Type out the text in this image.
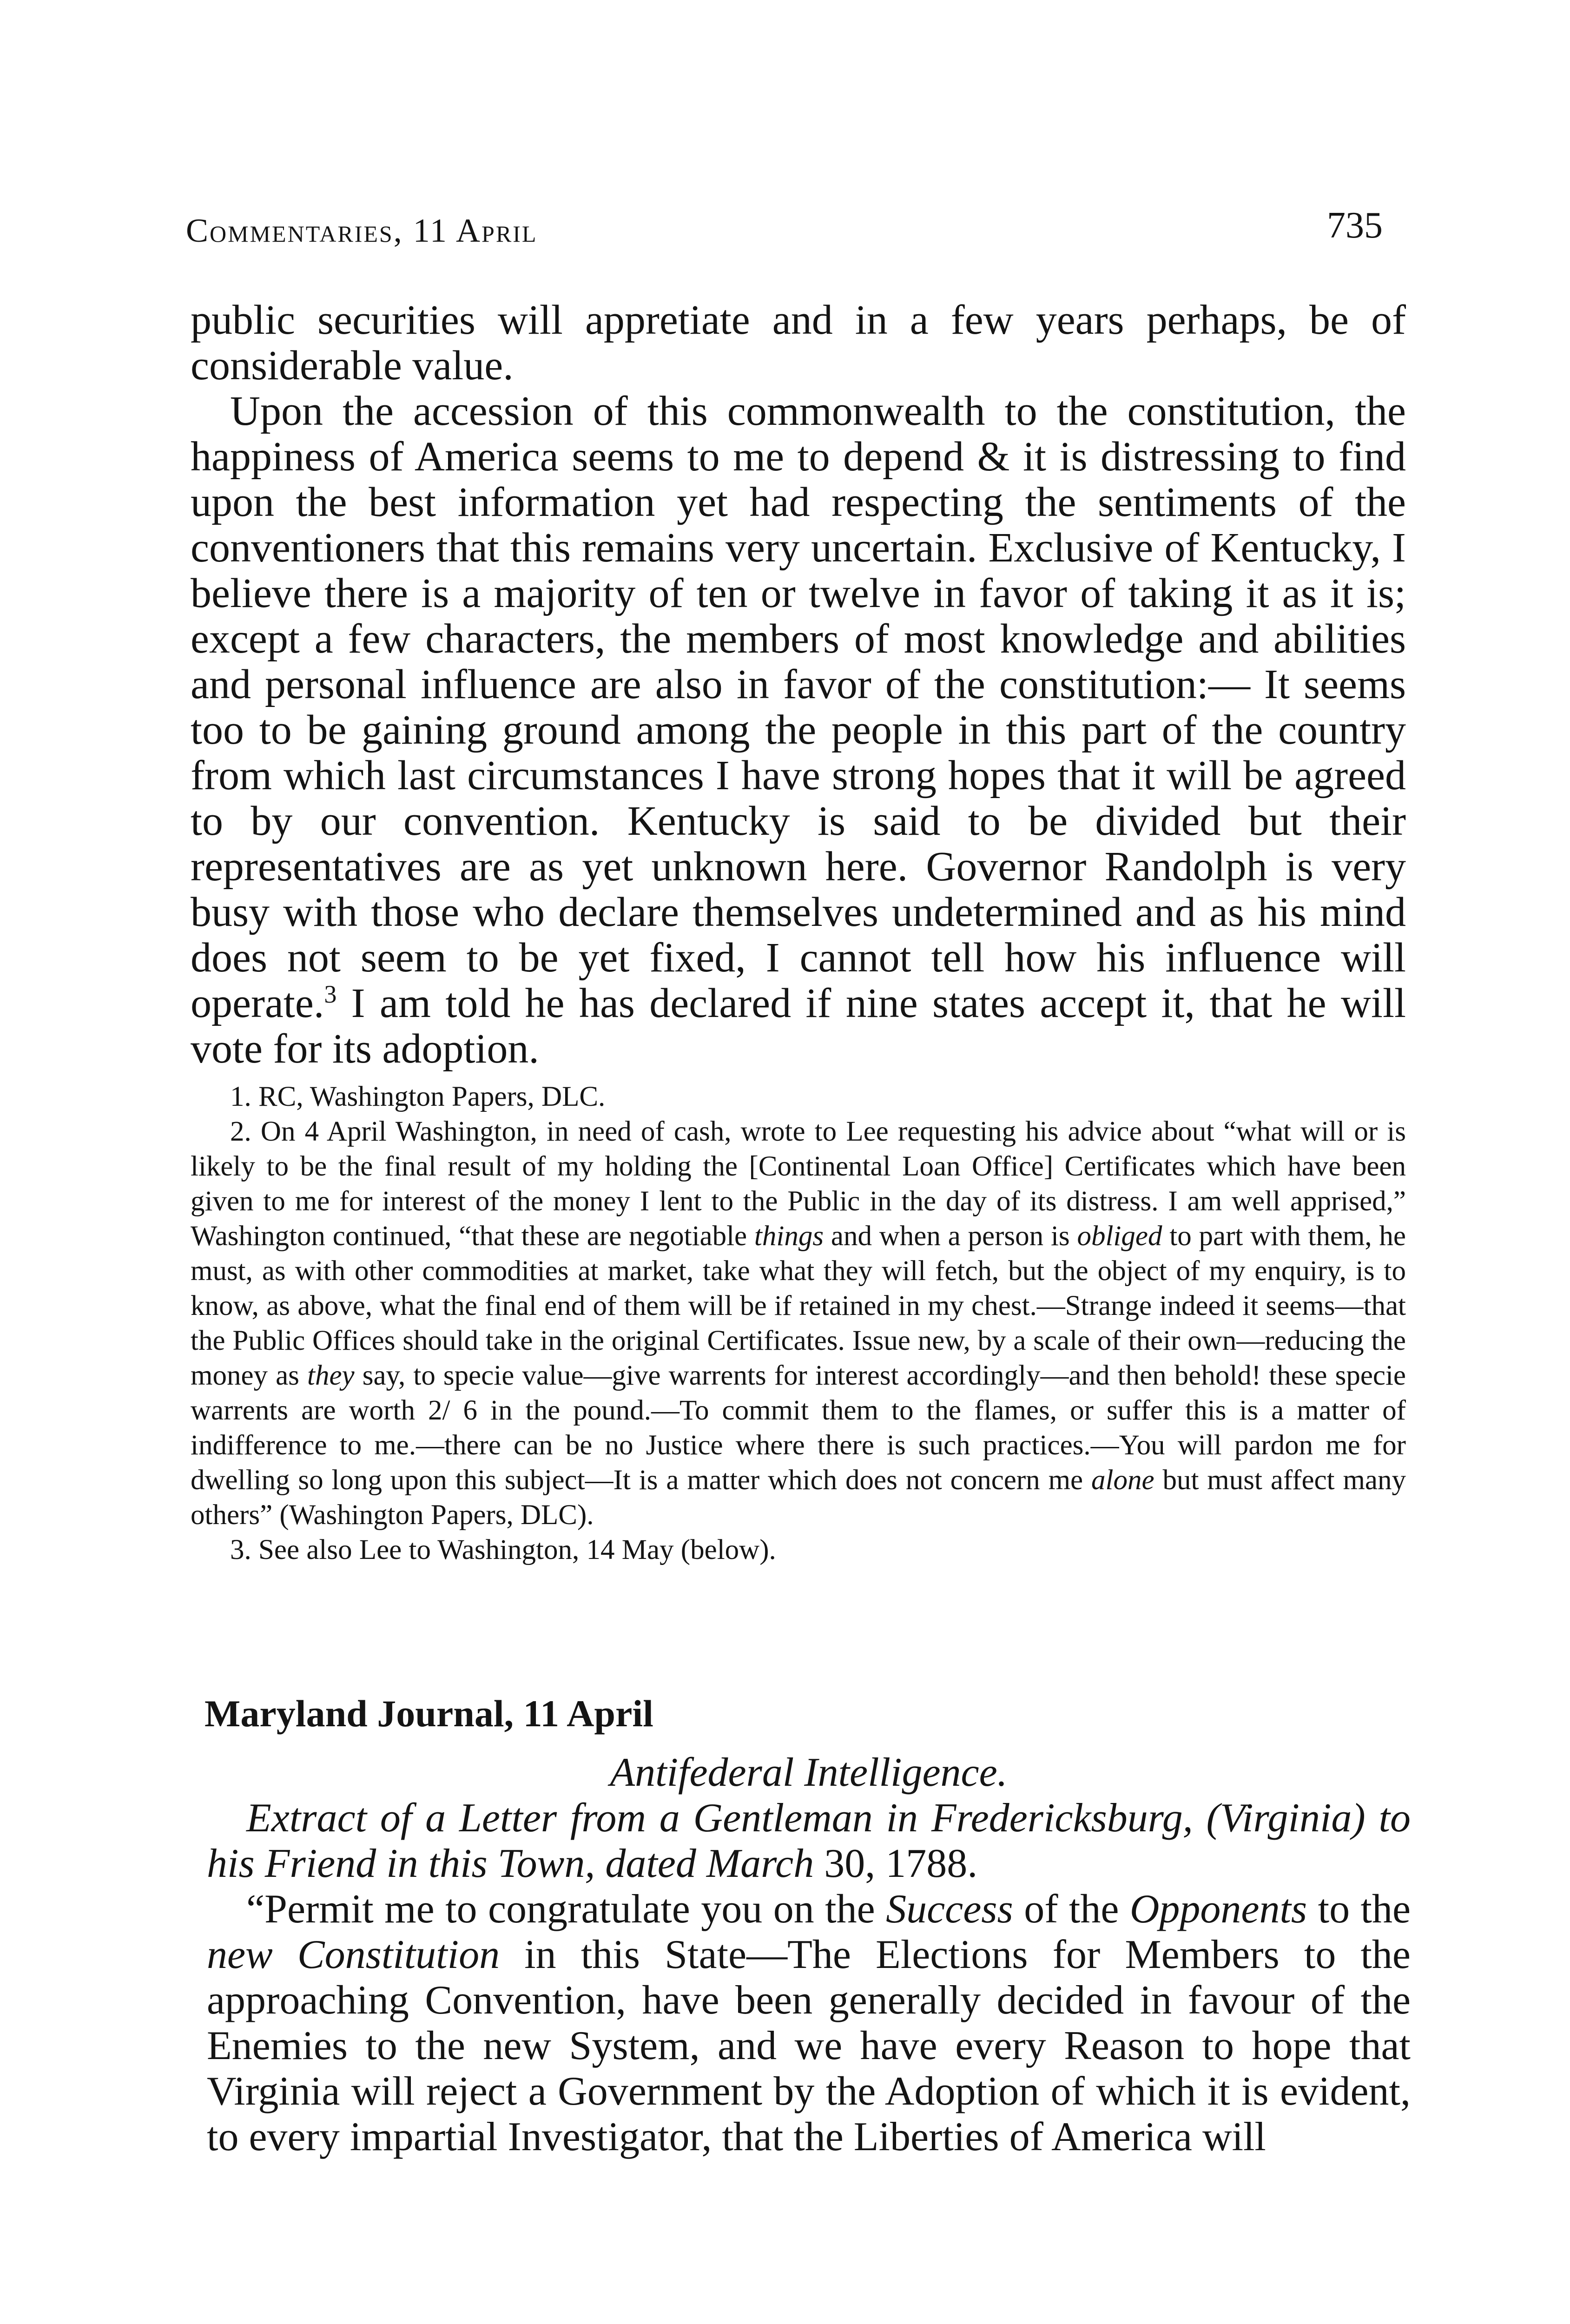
Commentaries, 11 April	735

public securities will appretiate and in a few years perhaps, be of considerable value.

Upon the accession of this commonwealth to the constitution, the happiness of America seems to me to depend & it is distressing to find upon the best information yet had respecting the sentiments of the conventioners that this remains very uncertain. Exclusive of Kentucky, I believe there is a majority of ten or twelve in favor of taking it as it is; except a few characters, the members of most knowledge and abilities and personal influence are also in favor of the constitution:— It seems too to be gaining ground among the people in this part of the country from which last circumstances I have strong hopes that it will be agreed to by our convention. Kentucky is said to be divided but their representatives are as yet unknown here. Governor Randolph is very busy with those who declare themselves undetermined and as his mind does not seem to be yet fixed, I cannot tell how his influence will operate.$^3$ I am told he has declared if nine states accept it, that he will vote for its adoption.

1. RC, Washington Papers, DLC.

2. On 4 April Washington, in need of cash, wrote to Lee requesting his advice about “what will or is likely to be the final result of my holding the [Continental Loan Office] Certificates which have been given to me for interest of the money I lent to the Public in the day of its distress. I am well apprised,” Washington continued, “that these are negotiable things and when a person is obliged to part with them, he must, as with other commodities at market, take what they will fetch, but the object of my enquiry, is to know, as above, what the final end of them will be if retained in my chest.—Strange indeed it seems—that the Public Offices should take in the original Certificates. Issue new, by a scale of their own—reducing the money as they say, to specie value—give warrents for interest accordingly—and then behold! these specie warrents are worth 2/ 6 in the pound.—To commit them to the flames, or suffer this is a matter of indifference to me.—there can be no Justice where there is such practices.—You will pardon me for dwelling so long upon this subject—It is a matter which does not concern me alone but must affect many others” (Washington Papers, DLC).

3. See also Lee to Washington, 14 May (below).

Maryland Journal, 11 April

Antifederal Intelligence.

Extract of a Letter from a Gentleman in Fredericksburg, (Virginia) to his Friend in this Town, dated March 30, 1788.

“Permit me to congratulate you on the Success of the Opponents to the new Constitution in this State—The Elections for Members to the approaching Convention, have been generally decided in favour of the Enemies to the new System, and we have every Reason to hope that Virginia will reject a Government by the Adoption of which it is evident, to every impartial Investigator, that the Liberties of America will
